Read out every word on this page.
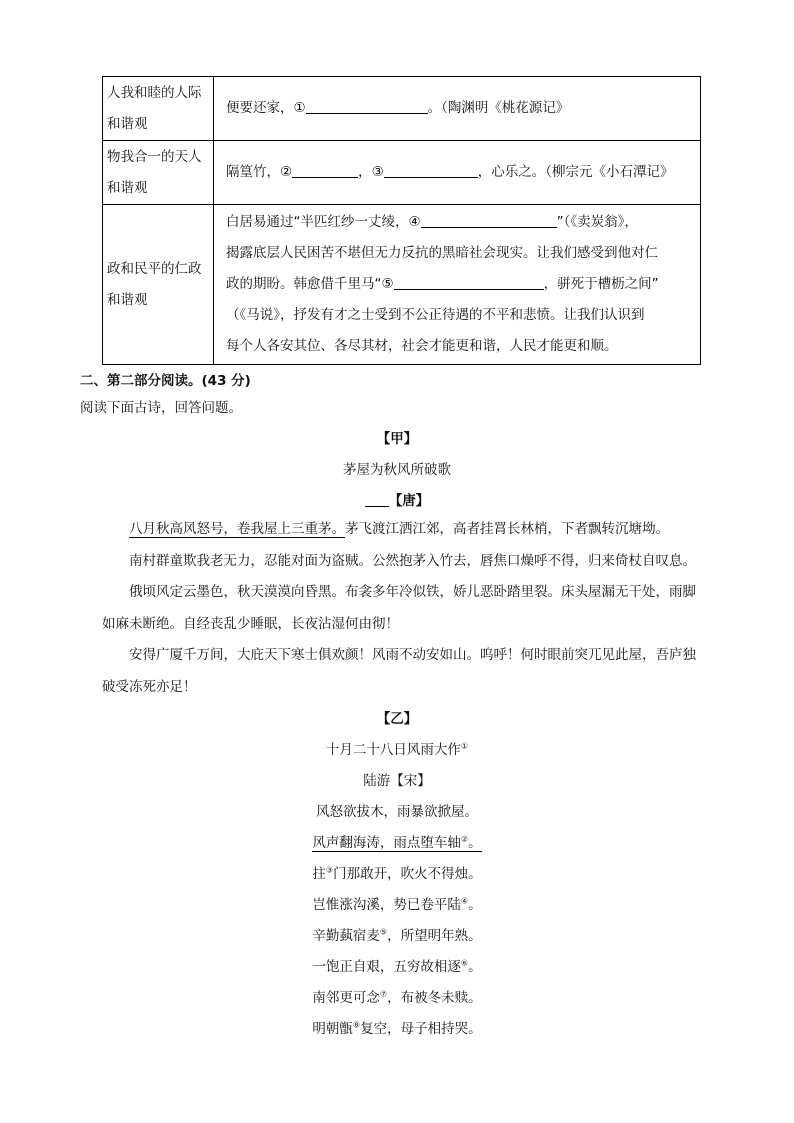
人我和睦的人际和谐观	便要还家，① 。（陶渊明《桃花源记》

物我合一的天人和谐观	隔篁竹，② ，③ ，心乐之。（柳宗元《小石潭记》

政和民平的仁政和谐观	白居易通过“半匹红纱一丈绫，④ ”（《卖炭翁》，
揭露底层人民困苦不堪但无力反抗的黑暗社会现实。让我们感受到他对仁
政的期盼。韩愈借千里马“⑤ ，骈死于槽枥之间”
（《马说》，抒发有才之士受到不公正待遇的不平和悲愤。让我们认识到
每个人各安其位、各尽其材，社会才能更和谐，人民才能更和顺。
二、第二部分阅读。(43 分)
阅读下面古诗，回答问题。
【甲】
茅屋为秋风所破歌
【唐】
八月秋高风怒号，卷我屋上三重茅。茅飞渡江洒江郊，高者挂罥长林梢，下者飘转沉塘坳。
南村群童欺我老无力，忍能对面为盗贼。公然抱茅入竹去，唇焦口燥呼不得，归来倚杖自叹息。
俄顷风定云墨色，秋天漠漠向昏黑。布衾多年冷似铁，娇儿恶卧踏里裂。床头屋漏无干处，雨脚如麻未断绝。自经丧乱少睡眠，长夜沾湿何由彻！
安得广厦千万间，大庇天下寒士俱欢颜！风雨不动安如山。呜呼！何时眼前突兀见此屋，吾庐独破受冻死亦足！
【乙】
十月二十八日风雨大作①
陆游【宋】
风怒欲拔木，雨暴欲掀屋。
风声翻海涛，雨点堕车轴②。
拄③门那敢开，吹火不得烛。
岂惟涨沟溪，势已卷平陆④。
辛勤蓺宿麦⑤，所望明年熟。
一饱正自艰，五穷故相逐⑥。
南邻更可念⑦，布被冬未赎。
明朝甑⑧复空，母子相持哭。
